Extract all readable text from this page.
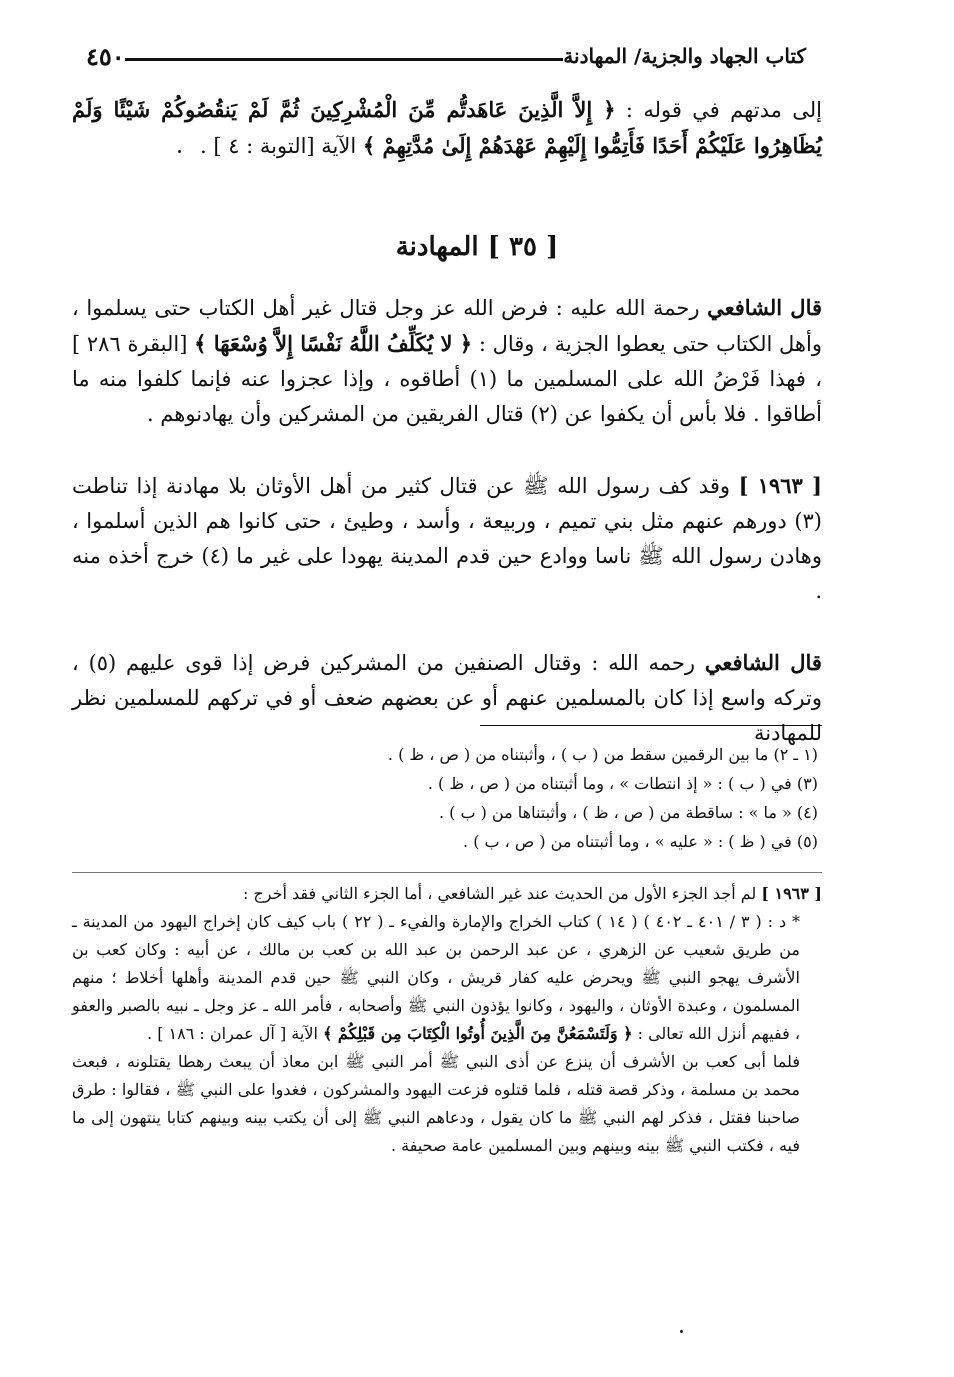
كتاب الجهاد والجزية/ المهادنة
٤٥٠
إلى مدتهم في قوله : ﴿ إِلاَّ الَّذِينَ عَاهَدتُّم مِّنَ الْمُشْرِكِينَ ثُمَّ لَمْ يَنقُصُوكُمْ شَيْئًا وَلَمْ يُظَاهِرُوا عَلَيْكُمْ أَحَدًا فَأَتِمُّوا إِلَيْهِمْ عَهْدَهُمْ إِلَىٰ مُدَّتِهِمْ ﴾ الآية [التوبة : ٤ ] .
[ ٣٥ ] المهادنة
قال الشافعي رحمة الله عليه : فرض الله عز وجل قتال غير أهل الكتاب حتى يسلموا ، وأهل الكتاب حتى يعطوا الجزية ، وقال : ﴿ لا يُكَلِّفُ اللَّهُ نَفْسًا إِلاَّ وُسْعَهَا ﴾ [البقرة ٢٨٦ ] ، فهذا فَرْضُ الله على المسلمين ما (١) أطاقوه ، وإذا عجزوا عنه فإنما كلفوا منه ما أطاقوا . فلا بأس أن يكفوا عن (٢) قتال الفريقين من المشركين وأن يهادنوهم .
[ ١٩٦٣ ] وقد كف رسول الله ﷺ عن قتال كثير من أهل الأوثان بلا مهادنة إذا تناطت (٣) دورهم عنهم مثل بني تميم ، وربيعة ، وأسد ، وطيئ ، حتى كانوا هم الذين أسلموا ، وهادن رسول الله ﷺ ناسا ووادع حين قدم المدينة يهودا على غير ما (٤) خرج أخذه منه .
قال الشافعي رحمه الله : وقتال الصنفين من المشركين فرض إذا قوى عليهم (٥) ، وتركه واسع إذا كان بالمسلمين عنهم أو عن بعضهم ضعف أو في تركهم للمسلمين نظر للمهادنة
(١ ـ ٢) ما بين الرقمين سقط من ( ب ) ، وأثبتناه من ( ص ، ظ ) .
(٣) في ( ب ) : « إذ انتطات » ، وما أثبتناه من ( ص ، ظ ) .
(٤) « ما » : ساقطة من ( ص ، ظ ) ، وأثبتناها من ( ب ) .
(٥) في ( ظ ) : « عليه » ، وما أثبتناه من ( ص ، ب ) .

[ ١٩٦٣ ] لم أجد الجزء الأول من الحديث عند غير الشافعي ، أما الجزء الثاني فقد أخرج :

* د : ( ٣ / ٤٠١ ـ ٤٠٢ ) ( ١٤ ) كتاب الخراج والإمارة والفيء ـ ( ٢٢ ) باب كيف كان إخراج اليهود من المدينة ـ من طريق شعيب عن الزهري ، عن عبد الرحمن بن عبد الله بن كعب بن مالك ، عن أبيه : وكان كعب بن الأشرف يهجو النبي ﷺ ويحرض عليه كفار قريش ، وكان النبي ﷺ حين قدم المدينة وأهلها أخلاط ؛ منهم المسلمون ، وعبدة الأوثان ، واليهود ، وكانوا يؤذون النبي ﷺ وأصحابه ، فأمر الله ـ عز وجل ـ نبيه بالصبر والعفو ، ففيهم أنزل الله تعالى : ﴿ وَلَتَسْمَعُنَّ مِنَ الَّذِينَ أُوتُوا الْكِتَابَ مِن قَبْلِكُمْ ﴾ الآية [ آل عمران : ١٨٦ ] .

فلما أبى كعب بن الأشرف أن ينزع عن أذى النبي ﷺ أمر النبي ﷺ ابن معاذ أن يبعث رهطا يقتلونه ، فبعث محمد بن مسلمة ، وذكر قصة قتله ، فلما قتلوه فزعت اليهود والمشركون ، فغدوا على النبي ﷺ ، فقالوا : طرق صاحبنا فقتل ، فذكر لهم النبي ﷺ ما كان يقول ، ودعاهم النبي ﷺ إلى أن يكتب بينه وبينهم كتابا ينتهون إلى ما فيه ، فكتب النبي ﷺ بينه وبينهم وبين المسلمين عامة صحيفة .
